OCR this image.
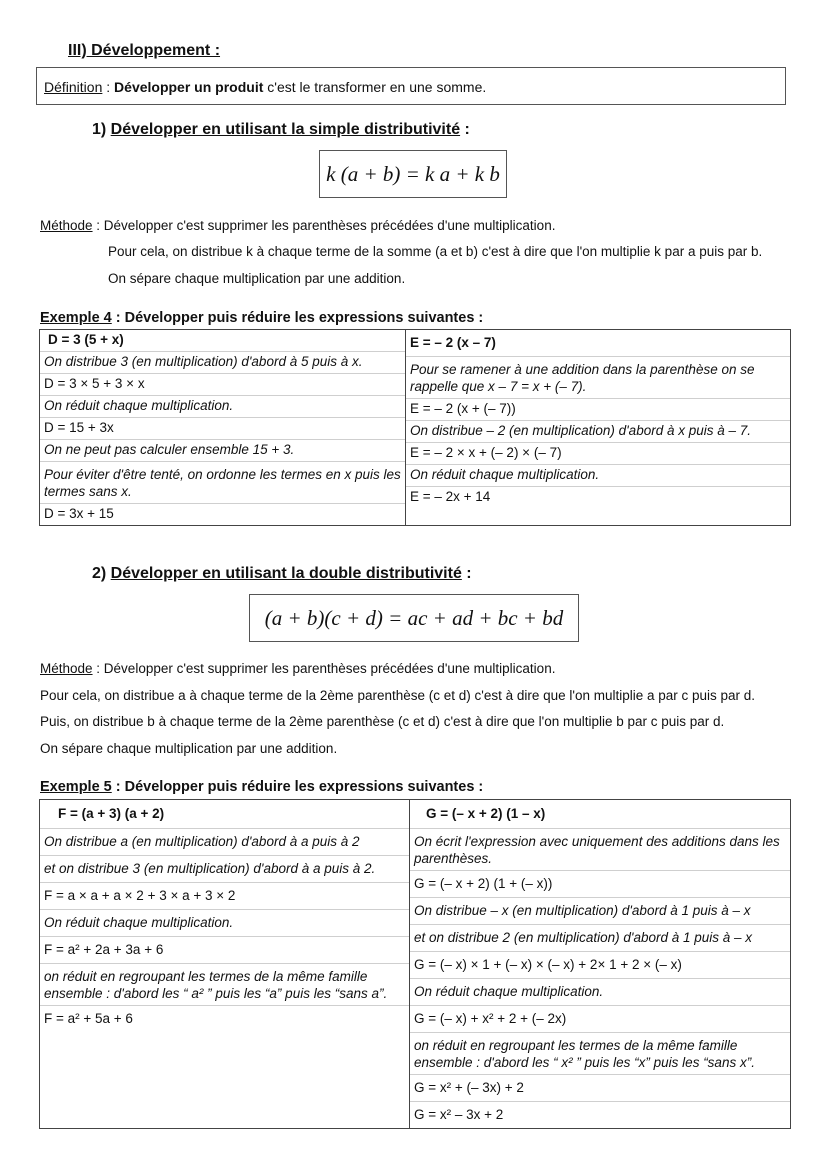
III) Développement :
Définition : Développer un produit c'est le transformer en une somme.
1) Développer en utilisant la simple distributivité :
k (a + b) = k a + k b
Méthode : Développer c'est supprimer les parenthèses précédées d'une multiplication.
Pour cela, on distribue k à chaque terme de la somme (a et b) c'est à dire que l'on multiplie k par a puis par b.
On sépare chaque multiplication par une addition.
Exemple 4 : Développer puis réduire les expressions suivantes :
D = 3 (5 + x)
On distribue 3 (en multiplication) d'abord à 5 puis à x.
D = 3 × 5 + 3 × x
On réduit chaque multiplication.
D = 15 + 3x
On ne peut pas calculer ensemble 15 + 3.
Pour éviter d'être tenté, on ordonne les termes en x puis les termes sans x.
D = 3x + 15

E = – 2 (x – 7)
Pour se ramener à une addition dans la parenthèse on se rappelle que x – 7 = x + (– 7).
E = – 2 (x + (– 7))
On distribue – 2 (en multiplication) d'abord à x puis à – 7.
E = – 2 × x + (– 2) × (– 7)
On réduit chaque multiplication.
E = – 2x + 14
2) Développer en utilisant la double distributivité :
(a + b)(c + d) = ac + ad + bc + bd
Méthode : Développer c'est supprimer les parenthèses précédées d'une multiplication.
Pour cela, on distribue a à chaque terme de la 2ème parenthèse (c et d) c'est à dire que l'on multiplie a par c puis par d.
Puis, on distribue b à chaque terme de la 2ème parenthèse (c et d) c'est à dire que l'on multiplie b par c puis par d.
On sépare chaque multiplication par une addition.
Exemple 5 : Développer puis réduire les expressions suivantes :
F = (a + 3) (a + 2)
On distribue a (en multiplication) d'abord à a puis à 2
et on distribue 3 (en multiplication) d'abord à a puis à 2.
F = a × a + a × 2 + 3 × a + 3 × 2
On réduit chaque multiplication.
F = a² + 2a + 3a + 6
on réduit en regroupant les termes de la même famille ensemble : d'abord les “ a² ” puis les “a” puis les “sans a”.
F = a² + 5a + 6

G = (– x + 2) (1 – x)
On écrit l'expression avec uniquement des additions dans les parenthèses.
G = (– x + 2) (1 + (– x))
On distribue – x (en multiplication) d'abord à 1 puis à – x
et on distribue 2 (en multiplication) d'abord à 1 puis à – x
G = (– x) × 1 + (– x) × (– x) + 2× 1 + 2 × (– x)
On réduit chaque multiplication.
G = (– x) + x² + 2 + (– 2x)
on réduit en regroupant les termes de la même famille ensemble : d'abord les “ x² ” puis les “x” puis les “sans x”.
G = x² + (– 3x) + 2
G = x² – 3x + 2
